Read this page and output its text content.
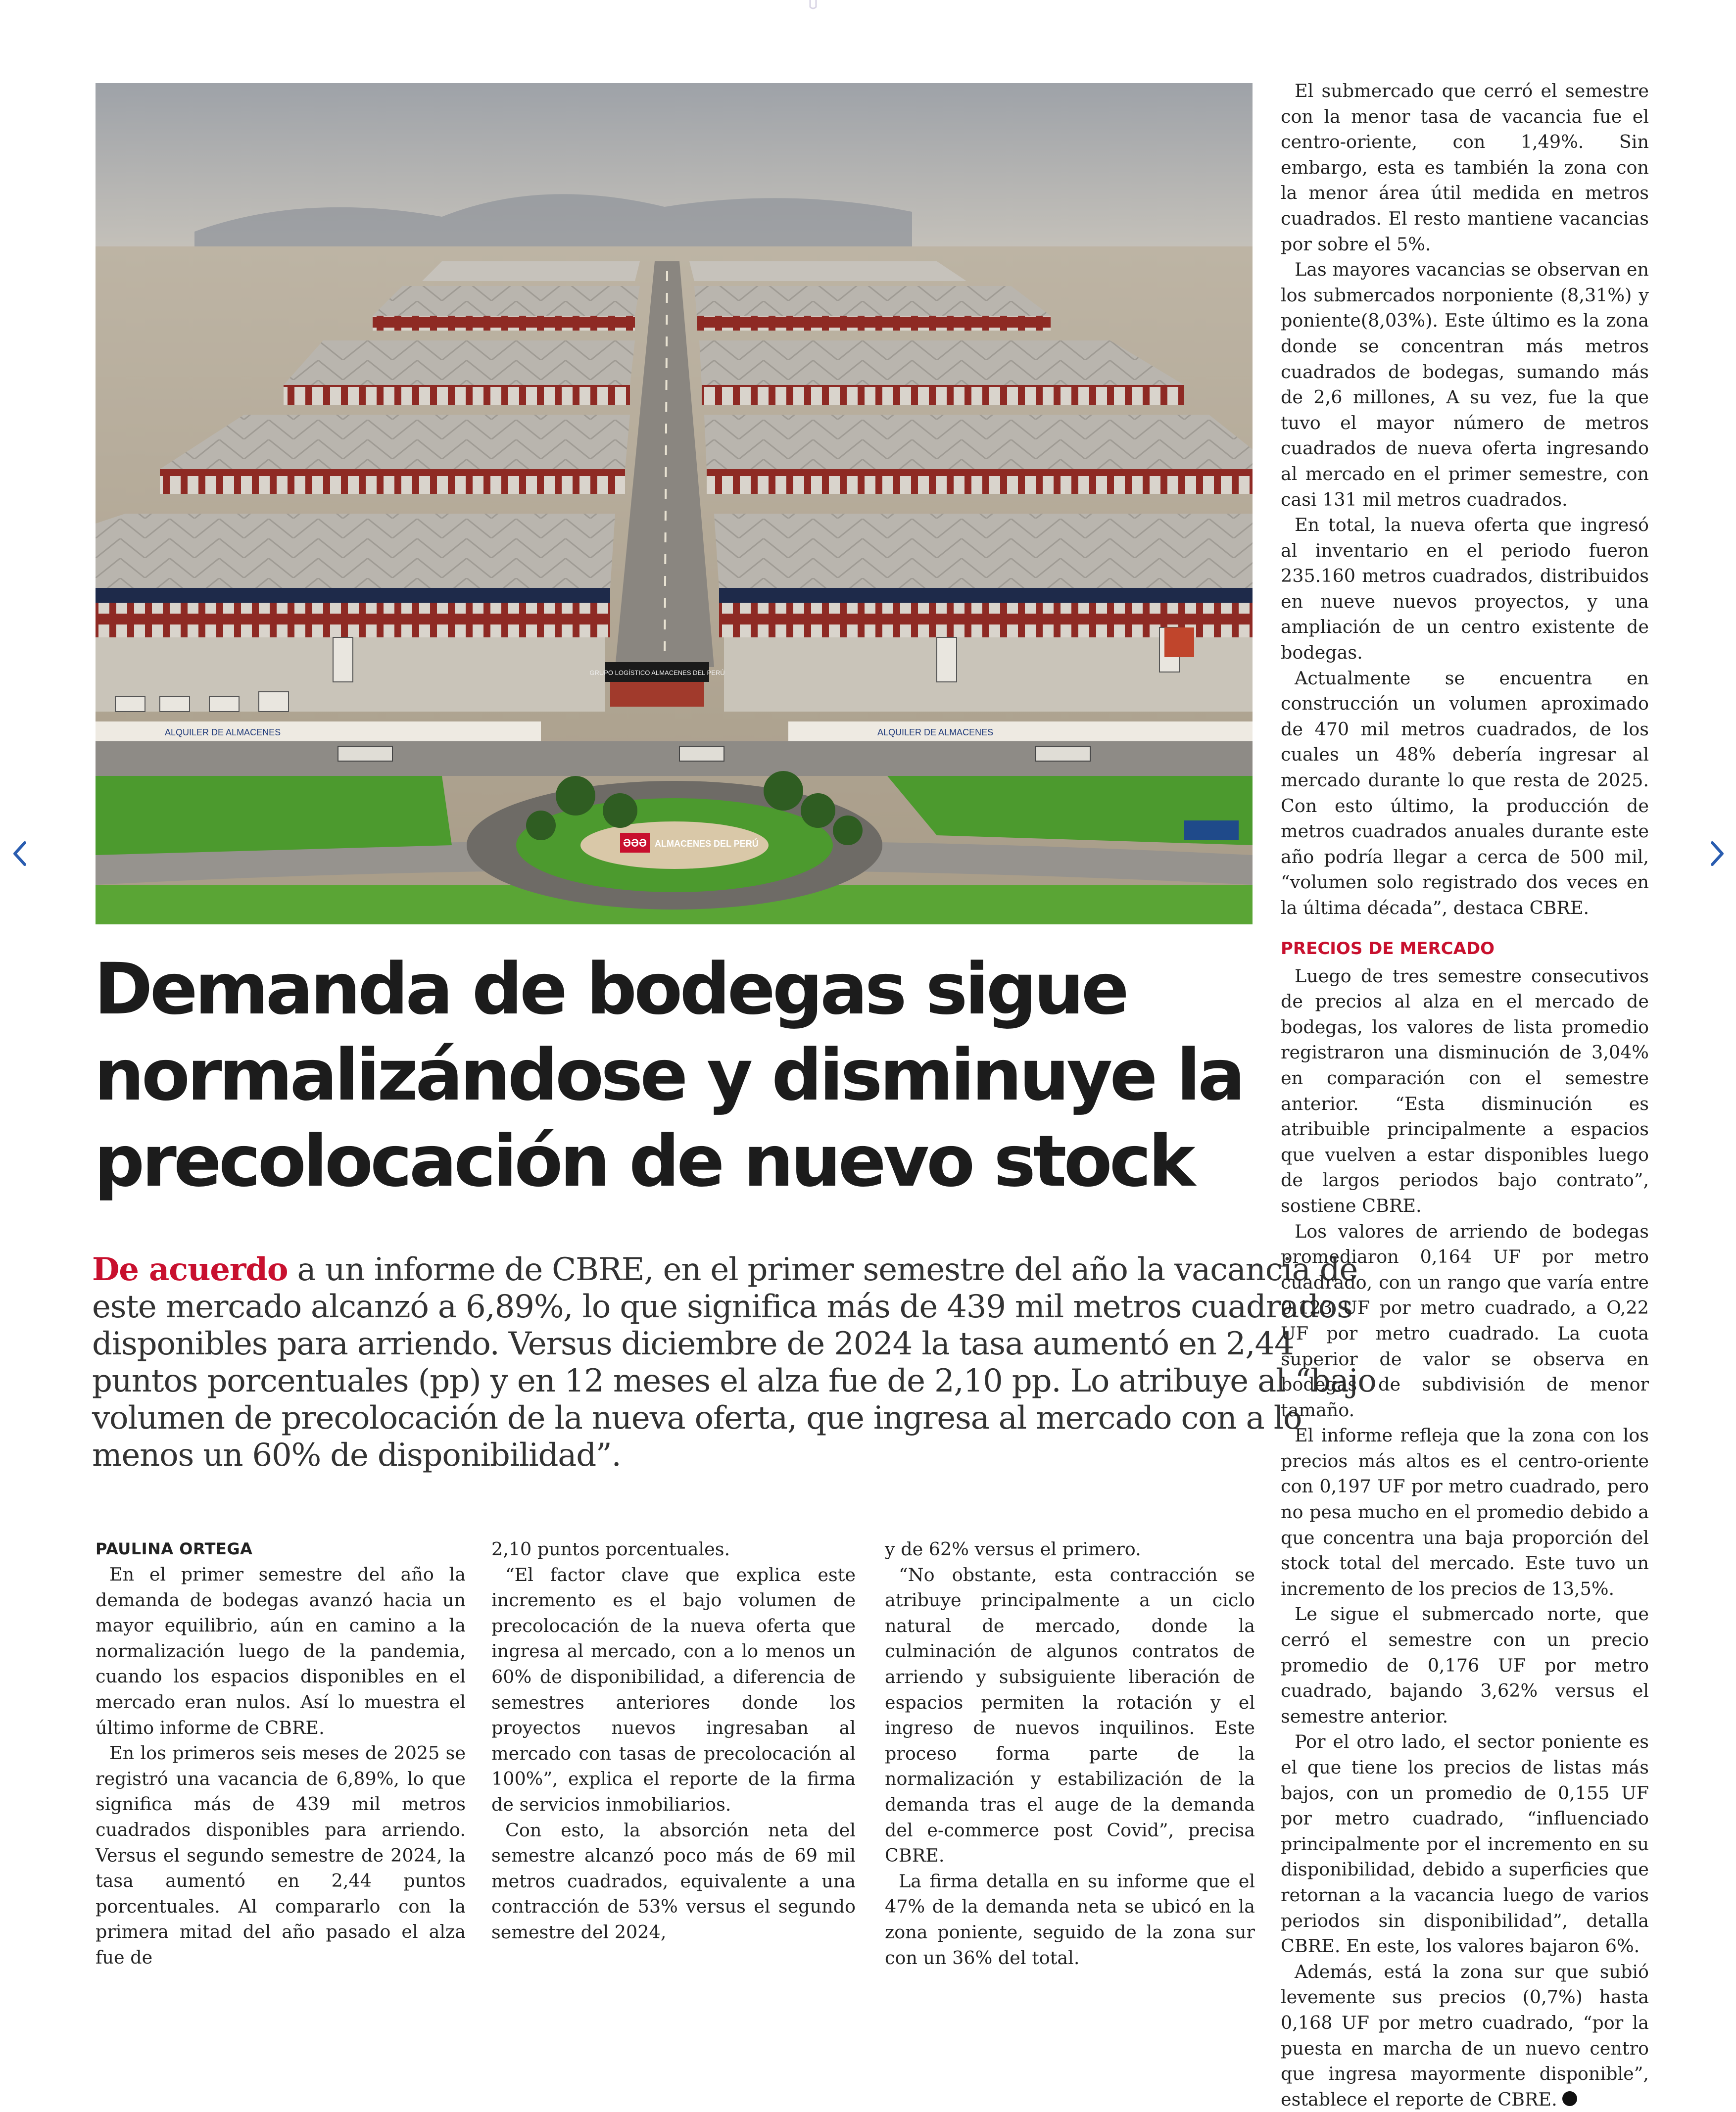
GRUPO LOGÍSTICO ALMACENES DEL PERÚ
ALQUILER DE ALMACENES	ALQUILER DE ALMACENES
ƏƏƏ ALMACENES DEL PERÚ
Demanda de bodegas sigue
normalizándose y disminuye la
precolocación de nuevo stock
De acuerdo a un informe de CBRE, en el primer semestre del año la vacancia de
este mercado alcanzó a 6,89%, lo que significa más de 439 mil metros cuadrados
disponibles para arriendo. Versus diciembre de 2024 la tasa aumentó en 2,44
puntos porcentuales (pp) y en 12 meses el alza fue de 2,10 pp. Lo atribuye al “bajo
volumen de precolocación de la nueva oferta, que ingresa al mercado con a lo
menos un 60% de disponibilidad”.

PAULINA ORTEGA

En el primer semestre del año la demanda de bodegas avanzó hacia un mayor equilibrio, aún en camino a la normalización luego de la pandemia, cuando los espacios disponibles en el mercado eran nulos. Así lo muestra el último informe de CBRE.

En los primeros seis meses de 2025 se registró una vacancia de 6,89%, lo que significa más de 439 mil metros cuadrados disponibles para arriendo. Versus el segundo semestre de 2024, la tasa aumentó en 2,44 puntos porcentuales. Al compararlo con la primera mitad del año pasado el alza fue de

2,10 puntos porcentuales.

“El factor clave que explica este incremento es el bajo volumen de precolocación de la nueva oferta que ingresa al mercado, con a lo menos un 60% de disponibilidad, a diferencia de semestres anteriores donde los proyectos nuevos ingresaban al mercado con tasas de precolocación al 100%”, explica el reporte de la firma de servicios inmobiliarios.

Con esto, la absorción neta del semestre alcanzó poco más de 69 mil metros cuadrados, equivalente a una contracción de 53% versus el segundo semestre del 2024,

y de 62% versus el primero.

“No obstante, esta contracción se atribuye principalmente a un ciclo natural de mercado, donde la culminación de algunos contratos de arriendo y subsiguiente liberación de espacios permiten la rotación y el ingreso de nuevos inquilinos. Este proceso forma parte de la normalización y estabilización de la demanda tras el auge de la demanda del e-commerce post Covid”, precisa CBRE.

La firma detalla en su informe que el 47% de la demanda neta se ubicó en la zona poniente, seguido de la zona sur con un 36% del total.

El submercado que cerró el semestre con la menor tasa de vacancia fue el centro-oriente, con 1,49%. Sin embargo, esta es también la zona con la menor área útil medida en metros cuadrados. El resto mantiene vacancias por sobre el 5%.

Las mayores vacancias se observan en los submercados norponiente (8,31%) y poniente(8,03%). Este último es la zona donde se concentran más metros cuadrados de bodegas, sumando más de 2,6 millones, A su vez, fue la que tuvo el mayor número de metros cuadrados de nueva oferta ingresando al mercado en el primer semestre, con casi 131 mil metros cuadrados.

En total, la nueva oferta que ingresó al inventario en el periodo fueron 235.160 metros cuadrados, distribuidos en nueve nuevos proyectos, y una ampliación de un centro existente de bodegas.

Actualmente se encuentra en construcción un volumen aproximado de 470 mil metros cuadrados, de los cuales un 48% debería ingresar al mercado durante lo que resta de 2025. Con esto último, la producción de metros cuadrados anuales durante este año podría llegar a cerca de 500 mil, “volumen solo registrado dos veces en la última década”, destaca CBRE.

PRECIOS DE MERCADO

Luego de tres semestre consecutivos de precios al alza en el mercado de bodegas, los valores de lista promedio registraron una disminución de 3,04% en comparación con el semestre anterior. “Esta disminución es atribuible principalmente a espacios que vuelven a estar disponibles luego de largos periodos bajo contrato”, sostiene CBRE.

Los valores de arriendo de bodegas promediaron 0,164 UF por metro cuadrado, con un rango que varía entre 0,123 UF por metro cuadrado, a O,22 UF por metro cuadrado. La cuota superior de valor se observa en bodegas de subdivisión de menor tamaño.

El informe refleja que la zona con los precios más altos es el centro-oriente con 0,197 UF por metro cuadrado, pero no pesa mucho en el promedio debido a que concentra una baja proporción del stock total del mercado. Este tuvo un incremento de los precios de 13,5%.

Le sigue el submercado norte, que cerró el semestre con un precio promedio de 0,176 UF por metro cuadrado, bajando 3,62% versus el semestre anterior.

Por el otro lado, el sector poniente es el que tiene los precios de listas más bajos, con un promedio de 0,155 UF por metro cuadrado, “influenciado principalmente por el incremento en su disponibilidad, debido a superficies que retornan a la vacancia luego de varios periodos sin disponibilidad”, detalla CBRE. En este, los valores bajaron 6%.

Además, está la zona sur que subió levemente sus precios (0,7%) hasta 0,168 UF por metro cuadrado, “por la puesta en marcha de un nuevo centro que ingresa mayormente disponible”, establece el reporte de CBRE.
